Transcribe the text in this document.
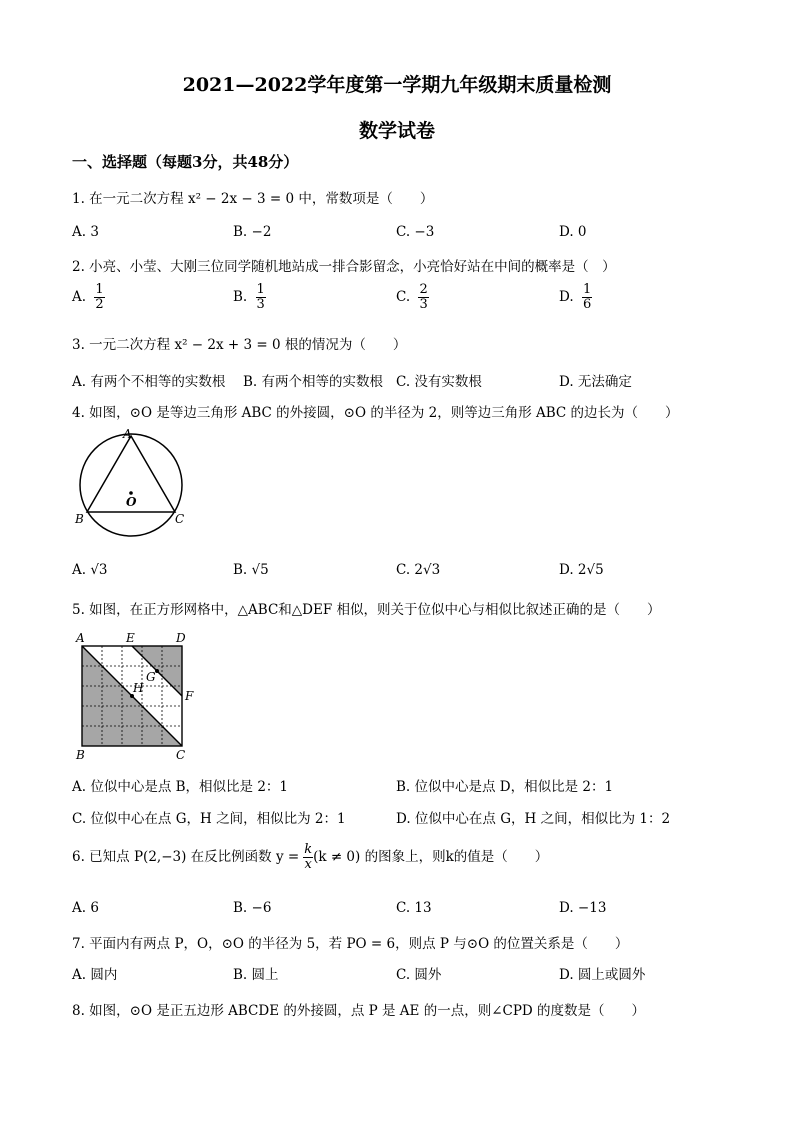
2021—2022学年度第一学期九年级期末质量检测
数学试卷
一、选择题（每题3分，共48分）
1. 在一元二次方程 x² − 2x − 3 = 0 中，常数项是（　　）
A. 3	B. −2	C. −3	D. 0
2. 小亮、小莹、大刚三位同学随机地站成一排合影留念，小亮恰好站在中间的概率是（　）
A. $\frac{1}{2}$	B. $\frac{1}{3}$	C. $\frac{2}{3}$	D. $\frac{1}{6}$
3. 一元二次方程 x² − 2x + 3 = 0 根的情况为（　　）
A. 有两个不相等的实数根 B. 有两个相等的实数根 C. 没有实数根	D. 无法确定
4. 如图，⊙O 是等边三角形 ABC 的外接圆，⊙O 的半径为 2，则等边三角形 ABC 的边长为（　　）
A
B	C
O
A. √3	B. √5	C. 2√3	D. 2√5
5. 如图，在正方形网格中，△ABC和△DEF 相似，则关于位似中心与相似比叙述正确的是（　　）
A	E	D
G
H
F
B	C
A. 位似中心是点 B，相似比是 2：1	B. 位似中心是点 D，相似比是 2：1
C. 位似中心在点 G，H 之间，相似比为 2：1	D. 位似中心在点 G，H 之间，相似比为 1：2
6. 已知点 P(2,−3) 在反比例函数 $y = \frac{k}{x} (k \ne 0)$ 的图象上，则k的值是（　　）
A. 6	B. −6	C. 13	D. −13
7. 平面内有两点 P，O，⊙O 的半径为 5，若 PO = 6，则点 P 与⊙O 的位置关系是（　　）
A. 圆内	B. 圆上	C. 圆外	D. 圆上或圆外
8. 如图，⊙O 是正五边形 ABCDE 的外接圆，点 P 是 AE 的一点，则∠CPD 的度数是（　　）
